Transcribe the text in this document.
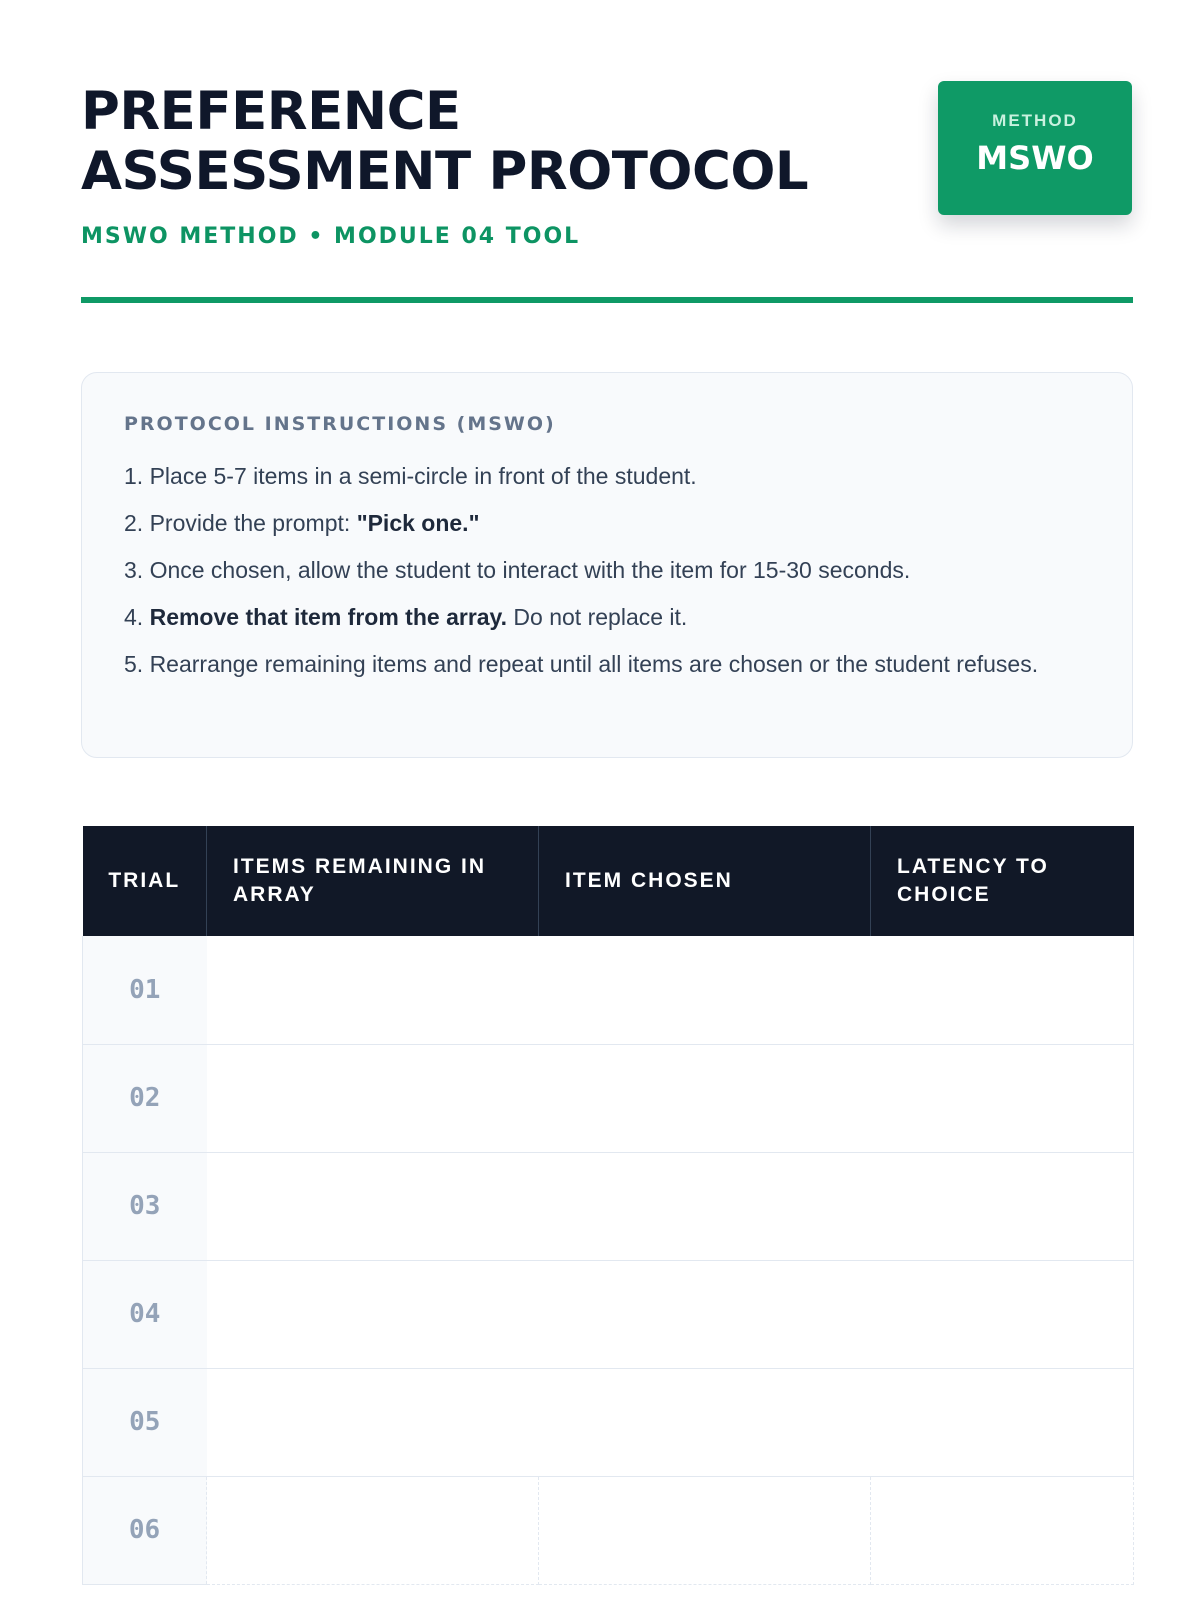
PREFERENCE
ASSESSMENT PROTOCOL
MSWO METHOD • MODULE 04 TOOL
METHOD
MSWO
PROTOCOL INSTRUCTIONS (MSWO)
1. Place 5-7 items in a semi-circle in front of the student.
2. Provide the prompt: "Pick one."
3. Once chosen, allow the student to interact with the item for 15-30 seconds.
4. Remove that item from the array. Do not replace it.
5. Rearrange remaining items and repeat until all items are chosen or the student refuses.
TRIAL	ITEMS REMAINING IN ARRAY	ITEM CHOSEN	LATENCY TO CHOICE
01			
02			
03			
04			
05			
06			
